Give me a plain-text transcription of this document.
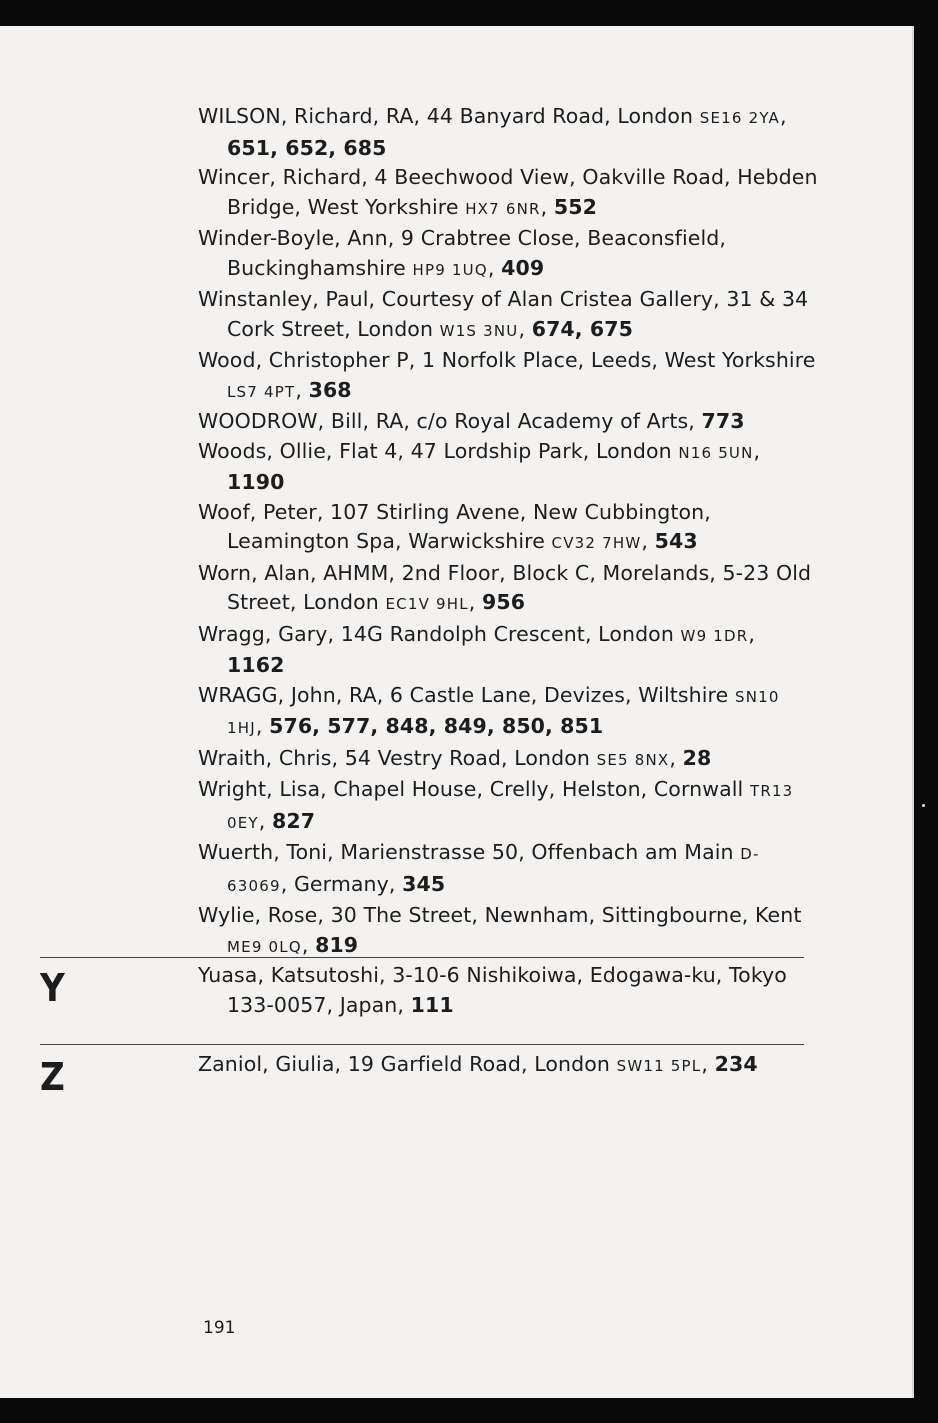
WILSON, Richard, RA, 44 Banyard Road, London SE16 2YA, 651, 652, 685
Wincer, Richard, 4 Beechwood View, Oakville Road, Hebden Bridge, West Yorkshire HX7 6NR, 552
Winder-Boyle, Ann, 9 Crabtree Close, Beaconsfield, Buckinghamshire HP9 1UQ, 409
Winstanley, Paul, Courtesy of Alan Cristea Gallery, 31 & 34 Cork Street, London W1S 3NU, 674, 675
Wood, Christopher P, 1 Norfolk Place, Leeds, West Yorkshire LS7 4PT, 368
WOODROW, Bill, RA, c/o Royal Academy of Arts, 773
Woods, Ollie, Flat 4, 47 Lordship Park, London N16 5UN, 1190
Woof, Peter, 107 Stirling Avene, New Cubbington, Leamington Spa, Warwickshire CV32 7HW, 543
Worn, Alan, AHMM, 2nd Floor, Block C, Morelands, 5-23 Old Street, London EC1V 9HL, 956
Wragg, Gary, 14G Randolph Crescent, London W9 1DR, 1162
WRAGG, John, RA, 6 Castle Lane, Devizes, Wiltshire SN10 1HJ, 576, 577, 848, 849, 850, 851
Wraith, Chris, 54 Vestry Road, London SE5 8NX, 28
Wright, Lisa, Chapel House, Crelly, Helston, Cornwall TR13 0EY, 827
Wuerth, Toni, Marienstrasse 50, Offenbach am Main D-63069, Germany, 345
Wylie, Rose, 30 The Street, Newnham, Sittingbourne, Kent ME9 0LQ, 819
Y	Yuasa, Katsutoshi, 3-10-6 Nishikoiwa, Edogawa-ku, Tokyo 133-0057, Japan, 111
Z	Zaniol, Giulia, 19 Garfield Road, London SW11 5PL, 234
191
